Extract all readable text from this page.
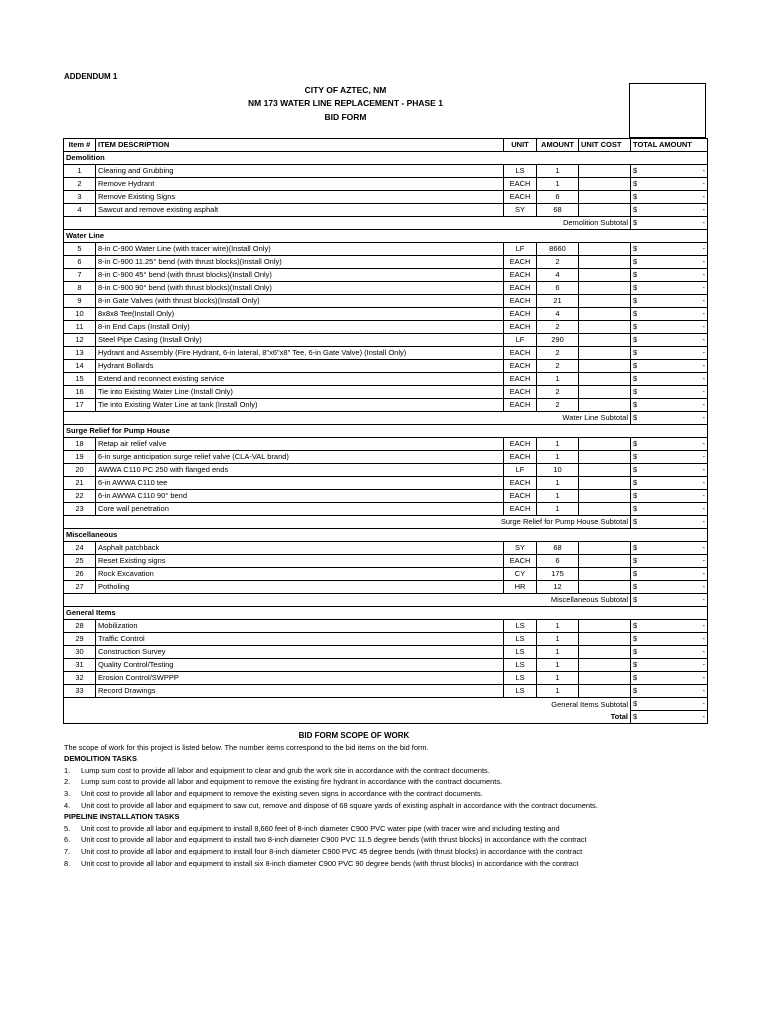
ADDENDUM 1
CITY OF AZTEC, NM
NM 173 WATER LINE REPLACEMENT - PHASE 1
BID FORM
Item #	ITEM DESCRIPTION	UNIT	AMOUNT	UNIT COST	TOTAL AMOUNT
Demolition					
1	Clearing and Grubbing	LS	1		$ -

2	Remove Hydrant	EACH	1		$ -

3	Remove Existing Signs	EACH	6		$ -

4	Sawcut and remove existing asphalt	SY	68		$ -

Demolition Subtotal					$ -

Water Line					
5	8-in C-900 Water Line (with tracer wire)(Install Only)	LF	8660		$ -

6	8-in C-900 11.25° bend (with thrust blocks)(Install Only)	EACH	2		$ -

7	8-in C-900 45° bend (with thrust blocks)(Install Only)	EACH	4		$ -

8	8-in C-900 90° bend (with thrust blocks)(Install Only)	EACH	6		$ -

9	8-in Gate Valves (with thrust blocks)(Install Only)	EACH	21		$ -

10	8x8x8 Tee(Install Only)	EACH	4		$ -

11	8-in End Caps (Install Only)	EACH	2		$ -

12	Steel Pipe Casing (Install Only)	LF	290		$ -

13	Hydrant and Assembly (Fire Hydrant, 6-in lateral, 8"x6"x8" Tee, 6-in Gate Valve) (Install Only)	EACH	2		$ -

14	Hydrant Bollards	EACH	2		$ -

15	Extend and reconnect existing service	EACH	1		$ -

16	Tie into Existing Water Line (Install Only)	EACH	2		$ -

17	Tie into Existing Water Line at tank (Install Only)	EACH	2		$ -

Water Line Subtotal					$ -

Surge Relief for Pump House					
18	Retap air relief valve	EACH	1		$ -

19	6-in surge anticipation surge relief valve (CLA-VAL brand)	EACH	1		$ -

20	AWWA C110 PC 250 with flanged ends	LF	10		$ -

21	6-in AWWA C110 tee	EACH	1		$ -

22	6-in AWWA C110 90° bend	EACH	1		$ -

23	Core wall penetration	EACH	1		$ -

Surge Relief for Pump House Subtotal					$ -

Miscellaneous					
24	Asphalt patchback	SY	68		$ -

25	Reset Existing signs	EACH	6		$ -

26	Rock Excavation	CY	175		$ -

27	Potholing	HR	12		$ -

Miscellaneous Subtotal					$ -

General Items					
28	Mobilization	LS	1		$ -

29	Traffic Control	LS	1		$ -

30	Construction Survey	LS	1		$ -

31	Quality Control/Testing	LS	1		$ -

32	Erosion Control/SWPPP	LS	1		$ -

33	Record Drawings	LS	1		$ -

General Items Subtotal					$ -

Total					$ -
BID FORM SCOPE OF WORK
The scope of work for this project is listed below. The number items correspond to the bid items on the bid form.
DEMOLITION TASKS
1. Lump sum cost to provide all labor and equipment to clear and grub the work site in accordance with the contract documents.
2. Lump sum cost to provide all labor and equipment to remove the existing fire hydrant in accordance with the contract documents.
3. Unit cost to provide all labor and equipment to remove the existing seven signs in accordance with the contract documents.
4. Unit cost to provide all labor and equipment to saw cut, remove and dispose of 68 square yards of existing asphalt in accordance with the contract documents.
PIPELINE INSTALLATION TASKS
5. Unit cost to provide all labor and equipment to install 8,660 feet of 8-inch diameter C900 PVC water pipe (with tracer wire and including testing and
6. Unit cost to provide all labor and equipment to install two 8-inch diameter C900 PVC 11.5 degree bends (with thrust blocks) in accordance with the contract
7. Unit cost to provide all labor and equipment to install four 8-inch diameter C900 PVC 45 degree bends (with thrust blocks) in accordance with the contract
8. Unit cost to provide all labor and equipment to install six 8-inch diameter C900 PVC 90 degree bends (with thrust blocks) in accordance with the contract
